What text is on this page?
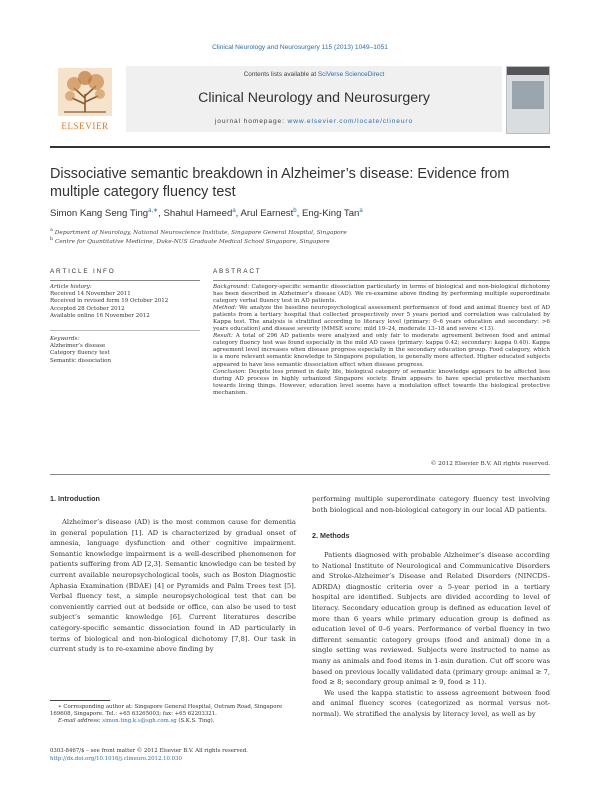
Clinical Neurology and Neurosurgery 115 (2013) 1049–1051
ELSEVIER
Contents lists available at SciVerse ScienceDirect
Clinical Neurology and Neurosurgery
journal homepage: www.elsevier.com/locate/clineuro
Dissociative semantic breakdown in Alzheimer’s disease: Evidence from multiple category fluency test
Simon Kang Seng Ting$^{a,∗}$, Shahul Hameed$^a$, Arul Earnest$^b$, Eng-King Tan$^a$
$^a$ Department of Neurology, National Neuroscience Institute, Singapore General Hospital, Singapore
$^b$ Centre for Quantitative Medicine, Duke-NUS Graduate Medical School Singapore, Singapore
ARTICLE INFO
Article history:
Received 14 November 2011
Received in revised form 19 October 2012
Accepted 28 October 2012
Available online 16 November 2012
Keywords:
Alzheimer’s disease
Category fluency test
Semantic dissociation
ABSTRACT

Background: Category-specific semantic dissociation particularly in terms of biological and non-biological dichotomy has been described in Alzheimer’s disease (AD). We re-examine above finding by performing multiple superordinate category verbal fluency test in AD patients.

Method: We analyze the baseline neuropsychological assessment performance of food and animal fluency test of AD patients from a tertiary hospital that collected prospectively over 5 years period and correlation was calculated by Kappa test. The analysis is stratified according to literacy level (primary: 0–6 years education and secondary: >6 years education) and disease severity (MMSE score: mild 19–24, moderate 13–18 and severe <13).

Result: A total of 296 AD patients were analyzed and only fair to moderate agreement between food and animal category fluency test was found especially in the mild AD cases (primary: kappa 0.42; secondary: kappa 0.40). Kappa agreement level increases when disease progress especially in the secondary education group. Food category, which is a more relevant semantic knowledge to Singapore population, is generally more affected. Higher educated subjects appeared to have less semantic dissociation effect when disease progress.

Conclusion: Despite less primed in daily life, biological category of semantic knowledge appears to be affected less during AD process in highly urbanized Singapore society. Brain appears to have special protective mechanism towards living things. However, education level seems have a modulation effect towards the biological protective mechanism.

© 2012 Elsevier B.V. All rights reserved.
1. Introduction

Alzheimer’s disease (AD) is the most common cause for dementia in general population [1]. AD is characterized by gradual onset of amnesia, language dysfunction and other cognitive impairment. Semantic knowledge impairment is a well-described phenomenon for patients suffering from AD [2,3]. Semantic knowledge can be tested by current available neuropsychological tools, such as Boston Diagnostic Aphasia Examination (BDAE) [4] or Pyramids and Palm Trees test [5]. Verbal fluency test, a simple neuropsychological test that can be conveniently carried out at bedside or office, can also be used to test subject’s semantic knowledge [6]. Current literatures describe category-specific semantic dissociation found in AD particularly in terms of biological and non-biological dichotomy [7,8]. Our task in current study is to re-examine above finding by

∗ Corresponding author at: Singapore General Hospital, Outram Road, Singapore 169608, Singapore. Tel.: +65 63265003; fax: +65 62203321.
E-mail address: simon.ting.k.s@sgh.com.sg (S.K.S. Ting).
0303-8467/$ – see front matter © 2012 Elsevier B.V. All rights reserved.
http://dx.doi.org/10.1016/j.clineuro.2012.10.030

performing multiple superordinate category fluency test involving both biological and non-biological category in our local AD patients.

2. Methods

Patients diagnosed with probable Alzheimer’s disease according to National Institute of Neurological and Communicative Disorders and Stroke-Alzheimer’s Disease and Related Disorders (NINCDS-ADRDA) diagnostic criteria over a 5-year period in a tertiary hospital are identified. Subjects are divided according to level of literacy. Secondary education group is defined as education level of more than 6 years while primary education group is defined as education level of 0–6 years. Performance of verbal fluency in two different semantic category groups (food and animal) done in a single setting was reviewed. Subjects were instructed to name as many as animals and food items in 1-min duration. Cut off score was based on previous locally validated data (primary group: animal ≥ 7, food ≥ 8; secondary group animal ≥ 9, food ≥ 11).

We used the kappa statistic to assess agreement between food and animal fluency scores (categorized as normal versus not-normal). We stratified the analysis by literacy level, as well as by
